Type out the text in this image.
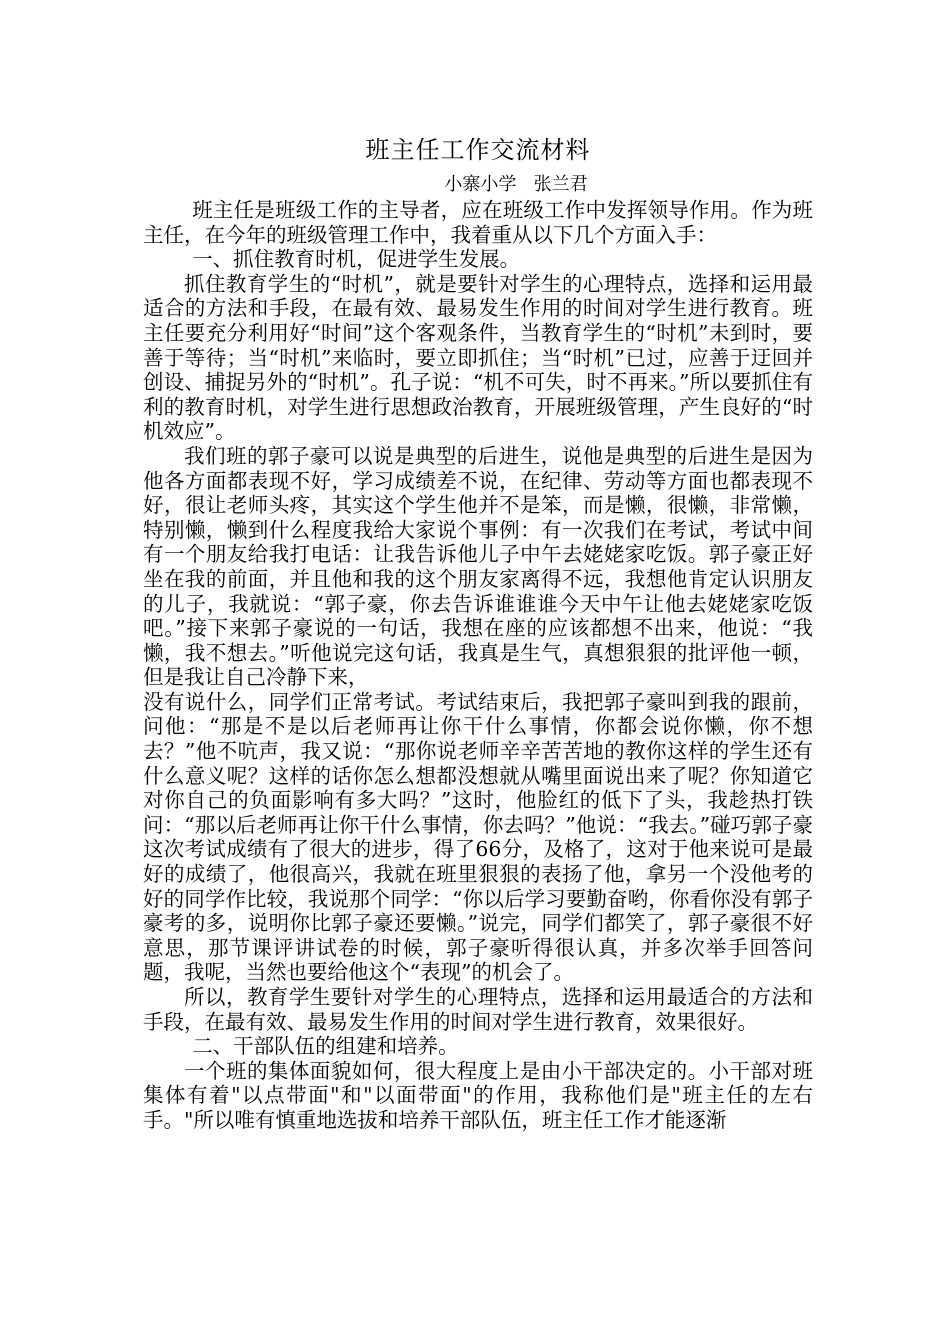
班主任工作交流材料
小寨小学   张兰君

班主任是班级工作的主导者，应在班级工作中发挥领导作用。作为班主任，在今年的班级管理工作中，我着重从以下几个方面入手：

一、抓住教育时机，促进学生发展。

抓住教育学生的“时机”，就是要针对学生的心理特点，选择和运用最适合的方法和手段，在最有效、最易发生作用的时间对学生进行教育。班主任要充分利用好“时间”这个客观条件，当教育学生的“时机”未到时，要善于等待；当“时机”来临时，要立即抓住；当“时机”已过，应善于迂回并创设、捕捉另外的“时机”。孔子说：“机不可失，时不再来。”所以要抓住有利的教育时机，对学生进行思想政治教育，开展班级管理，产生良好的“时机效应”。

我们班的郭子豪可以说是典型的后进生，说他是典型的后进生是因为他各方面都表现不好，学习成绩差不说，在纪律、劳动等方面也都表现不好，很让老师头疼，其实这个学生他并不是笨，而是懒，很懒，非常懒，特别懒，懒到什么程度我给大家说个事例：有一次我们在考试，考试中间有一个朋友给我打电话：让我告诉他儿子中午去姥姥家吃饭。郭子豪正好坐在我的前面，并且他和我的这个朋友家离得不远，我想他肯定认识朋友的儿子，我就说：“郭子豪，你去告诉谁谁谁今天中午让他去姥姥家吃饭吧。”接下来郭子豪说的一句话，我想在座的应该都想不出来，他说：“我懒，我不想去。”听他说完这句话，我真是生气，真想狠狠的批评他一顿，但是我让自己冷静下来，

没有说什么，同学们正常考试。考试结束后，我把郭子豪叫到我的跟前，问他：“那是不是以后老师再让你干什么事情，你都会说你懒，你不想去？”他不吭声，我又说：“那你说老师辛辛苦苦地的教你这样的学生还有什么意义呢？这样的话你怎么想都没想就从嘴里面说出来了呢？你知道它对你自己的负面影响有多大吗？”这时，他脸红的低下了头，我趁热打铁问：“那以后老师再让你干什么事情，你去吗？”他说：“我去。”碰巧郭子豪这次考试成绩有了很大的进步，得了66分，及格了，这对于他来说可是最好的成绩了，他很高兴，我就在班里狠狠的表扬了他，拿另一个没他考的好的同学作比较，我说那个同学：“你以后学习要勤奋哟，你看你没有郭子豪考的多，说明你比郭子豪还要懒。”说完，同学们都笑了，郭子豪很不好意思，那节课评讲试卷的时候，郭子豪听得很认真，并多次举手回答问题，我呢，当然也要给他这个“表现”的机会了。

所以，教育学生要针对学生的心理特点，选择和运用最适合的方法和手段，在最有效、最易发生作用的时间对学生进行教育，效果很好。

二、干部队伍的组建和培养。

一个班的集体面貌如何，很大程度上是由小干部决定的。小干部对班集体有着"以点带面"和"以面带面"的作用，我称他们是"班主任的左右手。"所以唯有慎重地选拔和培养干部队伍，班主任工作才能逐渐
